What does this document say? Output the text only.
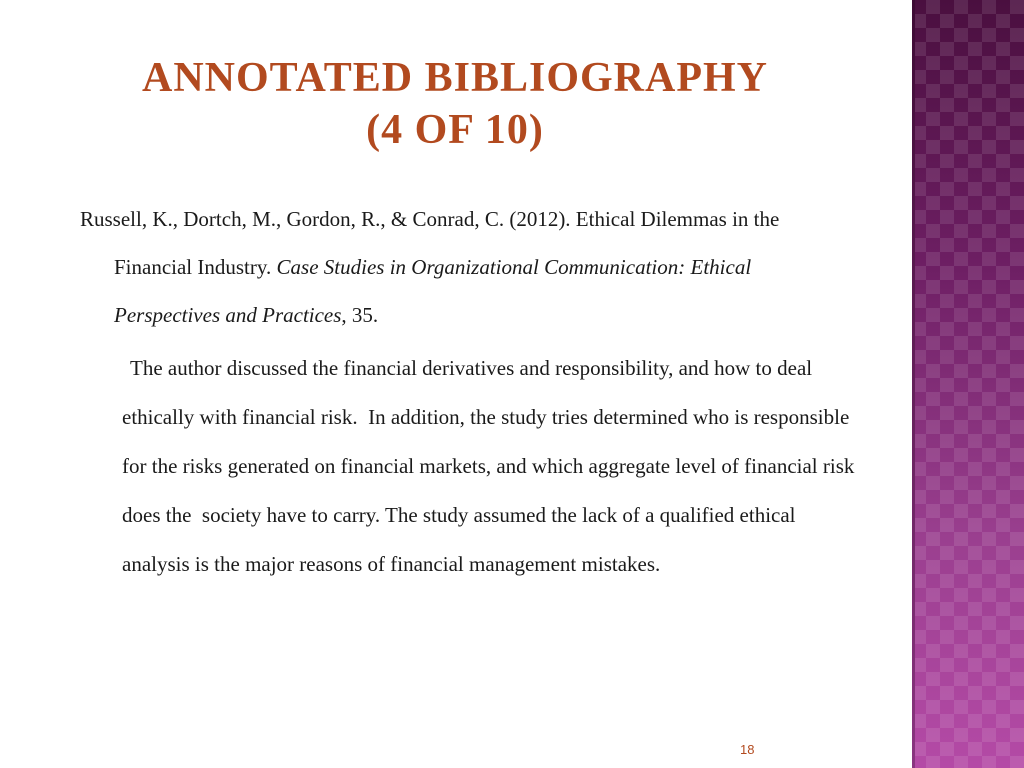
ANNOTATED BIBLIOGRAPHY
(4 OF 10)
Russell, K., Dortch, M., Gordon, R., & Conrad, C. (2012). Ethical Dilemmas in the Financial Industry. Case Studies in Organizational Communication: Ethical Perspectives and Practices, 35.
The author discussed the financial derivatives and responsibility, and how to deal ethically with financial risk.  In addition, the study tries determined who is responsible for the risks generated on financial markets, and which aggregate level of financial risk does the  society have to carry. The study assumed the lack of a qualified ethical analysis is the major reasons of financial management mistakes.
18
